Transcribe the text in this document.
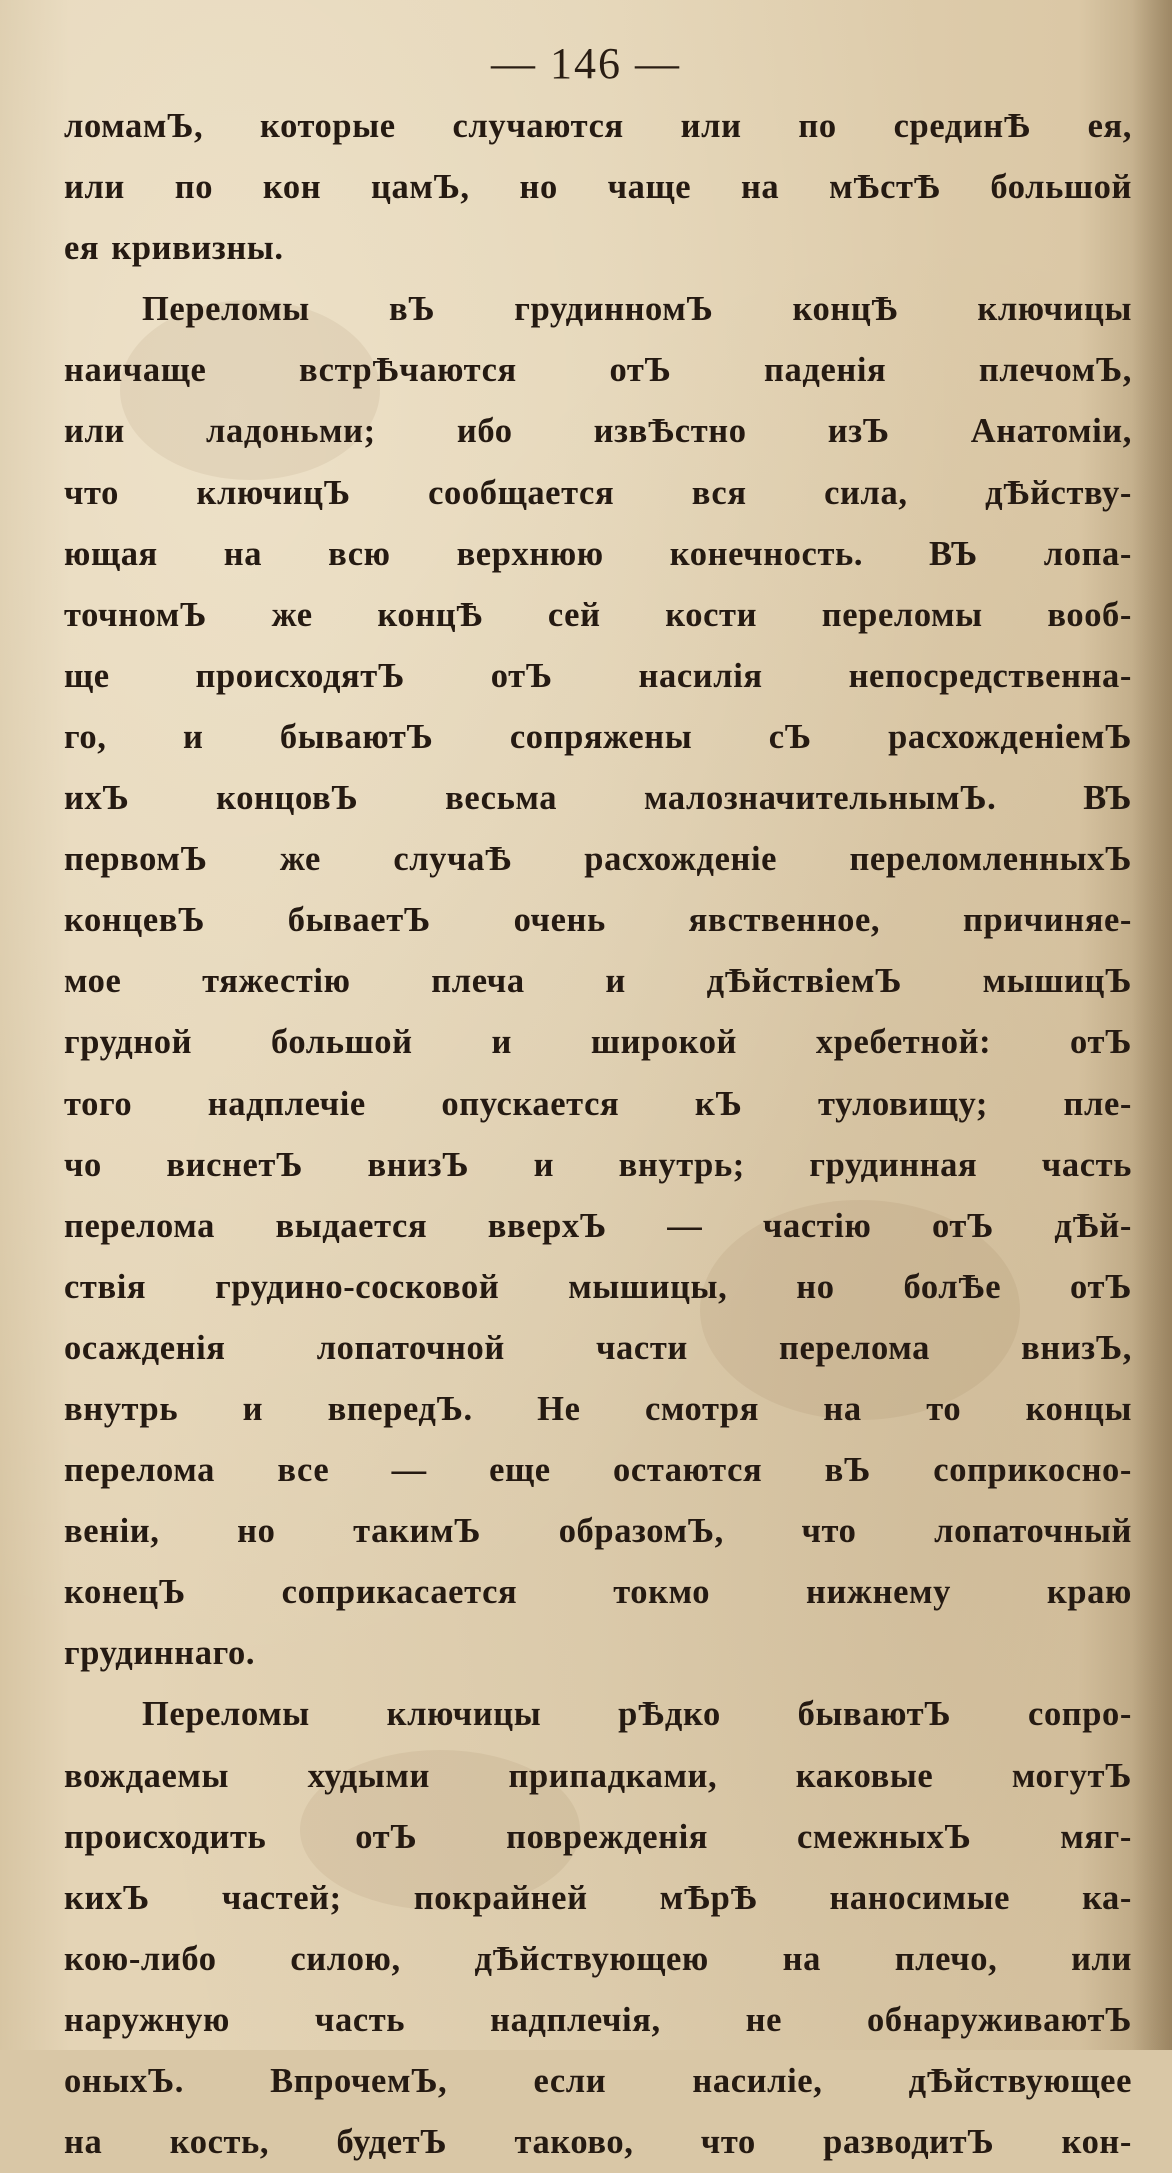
— 146 —
ломамЪ, которые случаются или по срединѢ ея,
или по кон цамЪ, но чаще на мѢстѢ большой
ея кривизны.
Переломы вЪ грудинномЪ концѢ ключицы
наичаще встрѢчаются отЪ паденія плечомЪ,
или ладоньми; ибо извѢстно изЪ Анатоміи,
что ключицЪ сообщается вся сила, дѢйству-
ющая на всю верхнюю конечность. ВЪ лопа-
точномЪ же концѢ сей кости переломы вооб-
ще происходятЪ отЪ насилія непосредственна-
го, и бываютЪ сопряжены сЪ расхожденіемЪ
ихЪ концовЪ весьма малозначительнымЪ. ВЪ
первомЪ же случаѢ расхожденіе переломленныхЪ
концевЪ бываетЪ очень явственное, причиняе-
мое тяжестію плеча и дѢйствіемЪ мышицЪ
грудной большой и широкой хребетной: отЪ
того надплечіе опускается кЪ туловищу; пле-
чо виснетЪ внизЪ и внутрь; грудинная часть
перелома выдается вверхЪ — частію отЪ дѢй-
ствія грудино-сосковой мышицы, но болѢе отЪ
осажденія лопаточной части перелома внизЪ,
внутрь и впередЪ. Не смотря на то концы
перелома все — еще остаются вЪ соприкосно-
веніи, но такимЪ образомЪ, что лопаточный
конецЪ соприкасается токмо нижнему краю
грудиннаго.
Переломы ключицы рѢдко бываютЪ сопро-
вождаемы худыми припадками, каковые могутЪ
происходить отЪ поврежденія смежныхЪ мяг-
кихЪ частей; покрайней мѢрѢ наносимые ка-
кою-либо силою, дѢйствующею на плечо, или
наружную часть надплечія, не обнаруживаютЪ
оныхЪ. ВпрочемЪ, если насиліе, дѢйствующее
на кость, будетЪ таково, что разводитЪ кон-
